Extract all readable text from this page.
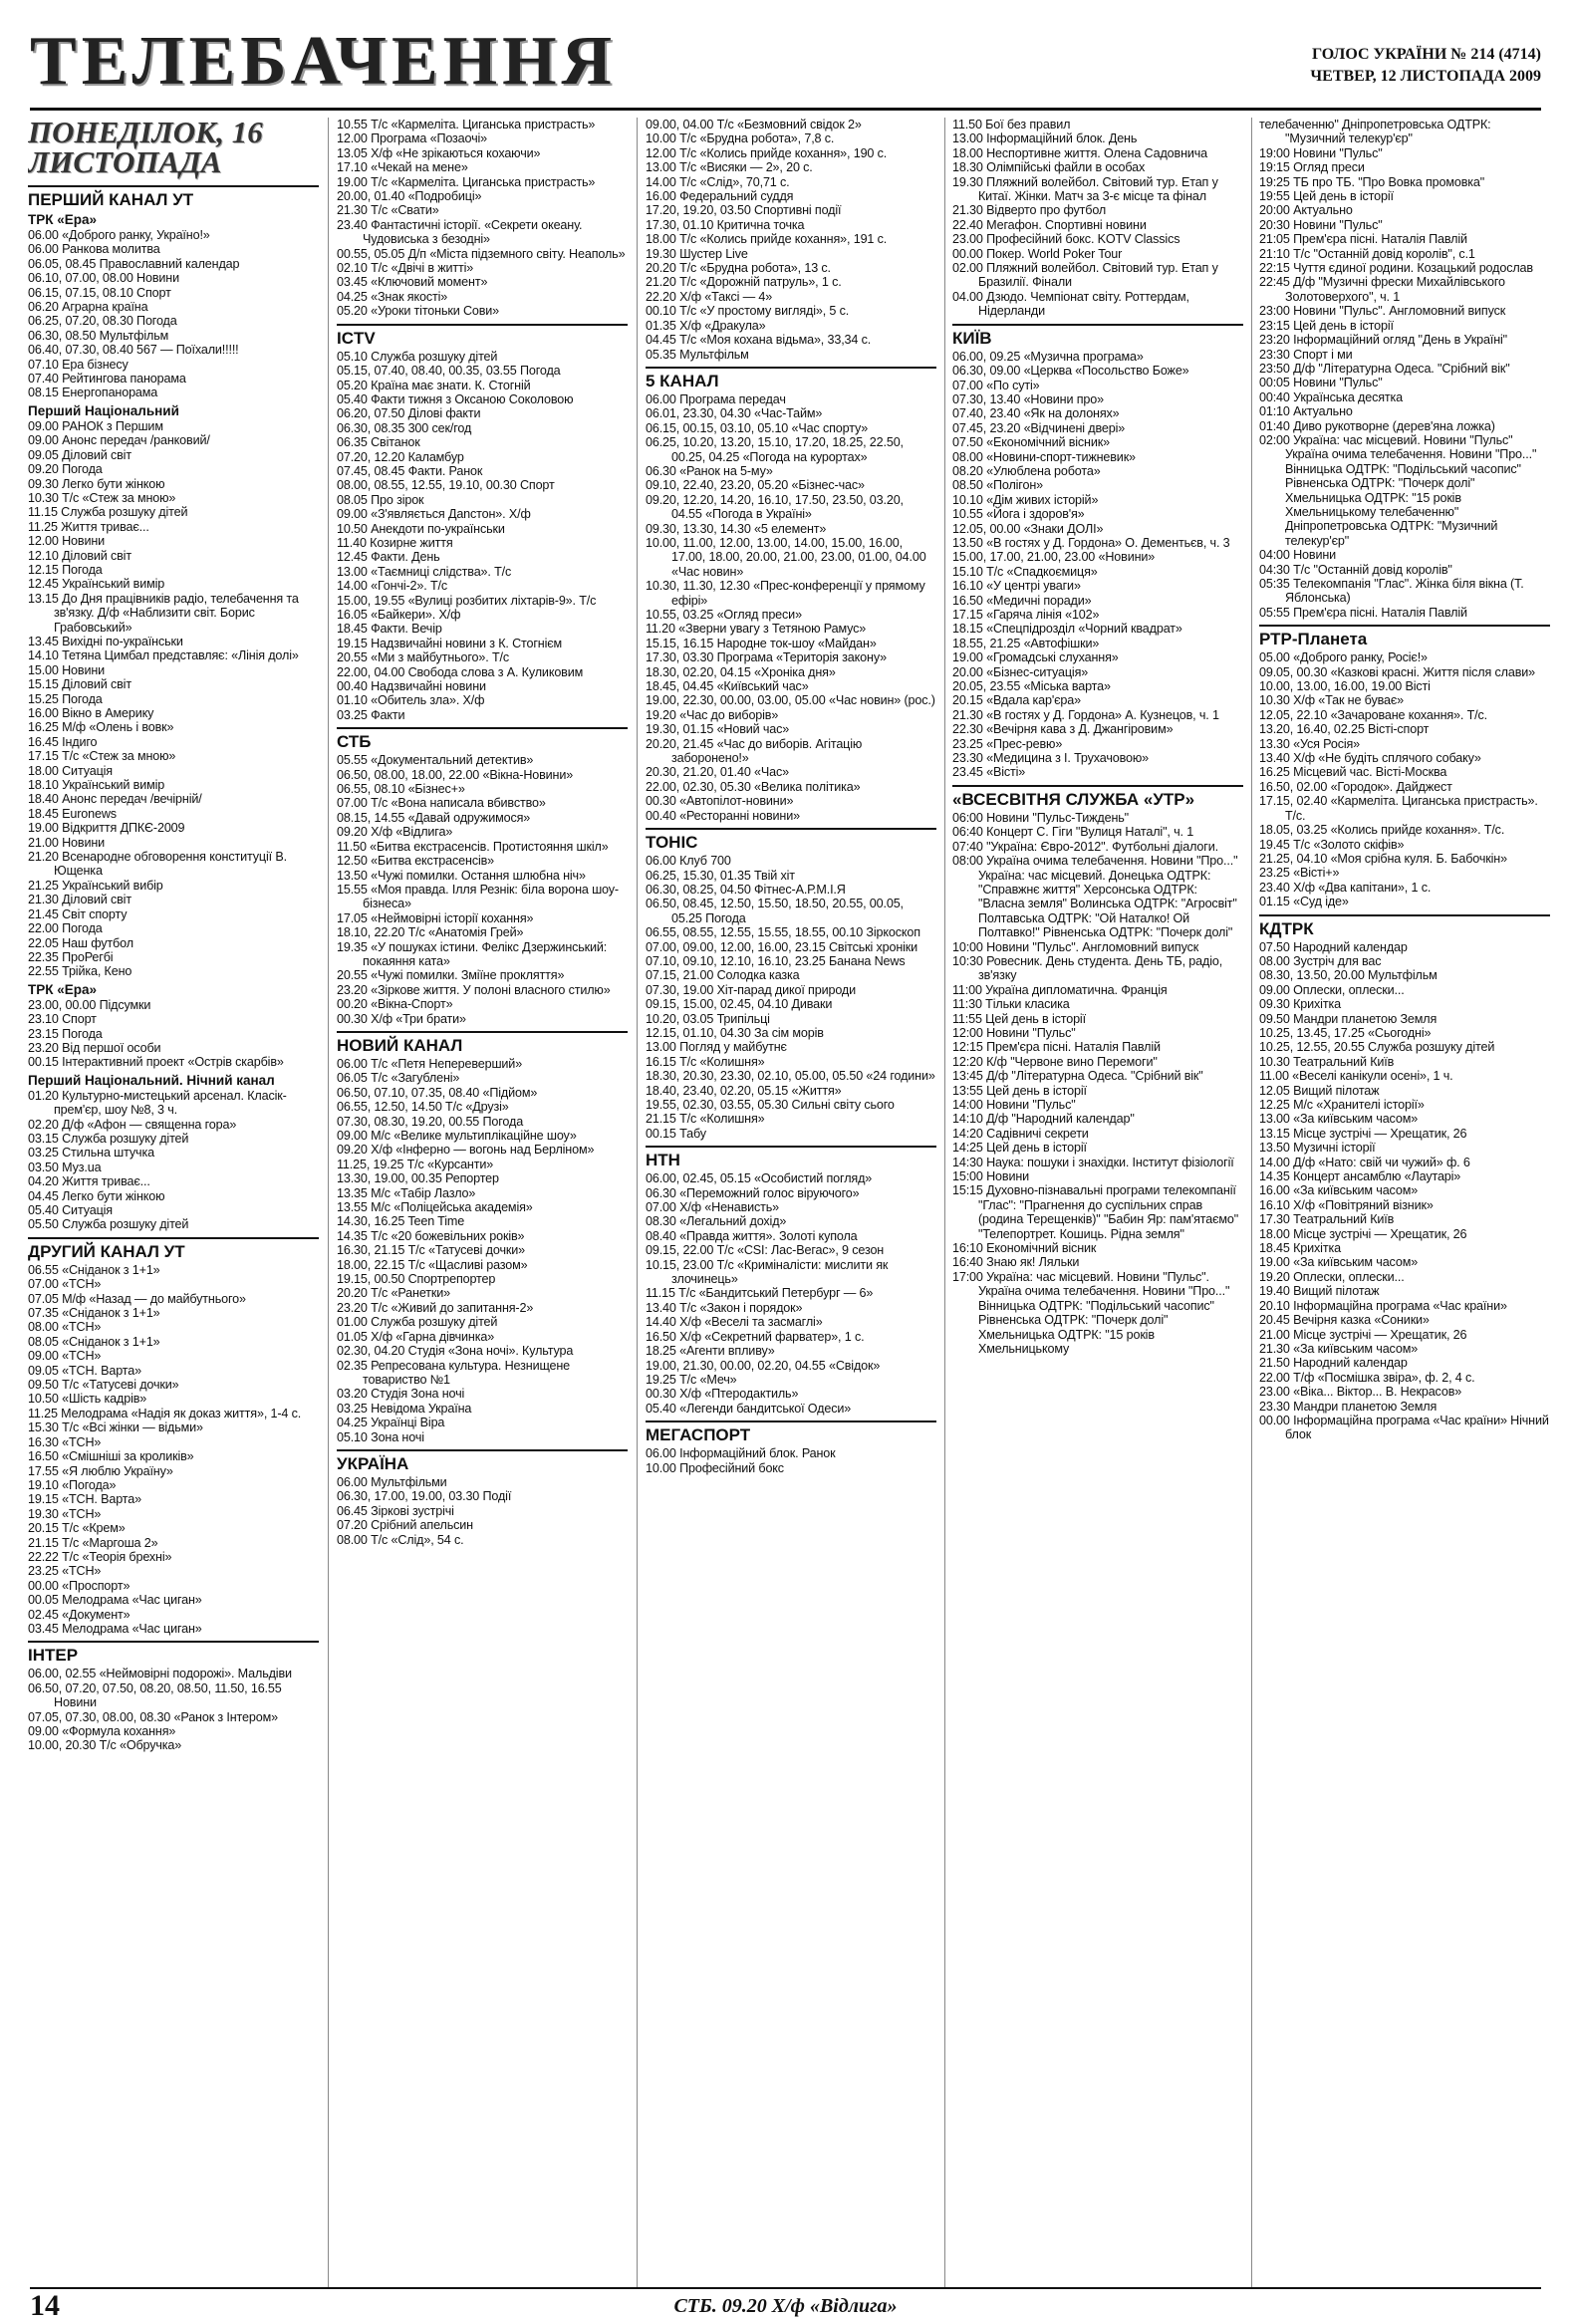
ТЕЛЕБАЧЕННЯ	ГОЛОС УКРАЇНИ № 214 (4714)
ЧЕТВЕР, 12 ЛИСТОПАДА 2009
ПОНЕДІЛОК, 16 ЛИСТОПАДА
ПЕРШИЙ КАНАЛ УТ
ТРК «Ера»
06.00 «Доброго ранку, Україно!»
06.00 Ранкова молитва
06.05, 08.45 Православний календар
06.10, 07.00, 08.00 Новини
06.15, 07.15, 08.10 Спорт
06.20 Аграрна країна
06.25, 07.20, 08.30 Погода
06.30, 08.50 Мультфільм
06.40, 07.30, 08.40 567 — Поїхали!!!!!
07.10 Ера бізнесу
07.40 Рейтингова панорама
08.15 Енергопанорама
Перший Національний
09.00 РАНОК з Першим
09.00 Анонс передач /ранковий/
09.05 Діловий світ
09.20 Погода
09.30 Легко бути жінкою
10.30 Т/с «Стеж за мною»
11.15 Служба розшуку дітей
11.25 Життя триває...
12.00 Новини
12.10 Діловий світ
12.15 Погода
12.45 Український вимір
13.15 До Дня працівників радіо, телебачення та зв'язку. Д/ф «Наблизити світ. Борис Грабовський»
13.45 Вихідні по-українськи
14.10 Тетяна Цимбал представляє: «Лінія долі»
15.00 Новини
15.15 Діловий світ
15.25 Погода
16.00 Вікно в Америку
16.25 М/ф «Олень і вовк»
16.45 Індиго
17.15 Т/с «Стеж за мною»
18.00 Ситуація
18.10 Український вимір
18.40 Анонс передач /вечірній/
18.45 Euronews
19.00 Відкриття ДПКЄ-2009
21.00 Новини
21.20 Всенародне обговорення конституції В. Ющенка
21.25 Український вибір
21.30 Діловий світ
21.45 Світ спорту
22.00 Погода
22.05 Наш футбол
22.35 ПроРегбі
22.55 Трійка, Кено
ТРК «Ера»
23.00, 00.00 Підсумки
23.10 Спорт
23.15 Погода
23.20 Від першої особи
00.15 Інтерактивний проект «Острів скарбів»
Перший Національний. Нічний канал
01.20 Культурно-мистецький арсенал. Класік-прем'єр, шоу №8, 3 ч.
02.20 Д/ф «Афон — священна гора»
03.15 Служба розшуку дітей
03.25 Стильна штучка
03.50 Муз.ua
04.20 Життя триває...
04.45 Легко бути жінкою
05.40 Ситуація
05.50 Служба розшуку дітей
ДРУГИЙ КАНАЛ УТ
06.55 «Сніданок з 1+1»
07.00 «ТСН»
07.05 М/ф «Назад — до майбутнього»
07.35 «Сніданок з 1+1»
08.00 «ТСН»
08.05 «Сніданок з 1+1»
09.00 «ТСН»
09.05 «ТСН. Варта»
09.50 Т/с «Татусеві дочки»
10.50 «Шість кадрів»
11.25 Мелодрама «Надія як доказ життя», 1-4 с.
15.30 Т/с «Всі жінки — відьми»
16.30 «ТСН»
16.50 «Смішніші за кроликів»
17.55 «Я люблю Україну»
19.10 «Погода»
19.15 «ТСН. Варта»
19.30 «ТСН»
20.15 Т/с «Крем»
21.15 Т/с «Маргоша 2»
22.22 Т/с «Теорія брехні»
23.25 «ТСН»
00.00 «Проспорт»
00.05 Мелодрама «Час циган»
02.45 «Документ»
03.45 Мелодрама «Час циган»
ІНТЕР
06.00, 02.55 «Неймовірні подорожі». Мальдіви
06.50, 07.20, 07.50, 08.20, 08.50, 11.50, 16.55 Новини
07.05, 07.30, 08.00, 08.30 «Ранок з Інтером»
09.00 «Формула кохання»
10.00, 20.30 Т/с «Обручка»
10.55 Т/с «Кармеліта. Циганська пристрасть»
12.00 Програма «Позаочі»
13.05 Х/ф «Не зрікаються кохаючи»
17.10 «Чекай на мене»
19.00 Т/с «Кармеліта. Циганська пристрасть»
20.00, 01.40 «Подробиці»
21.30 Т/с «Свати»
23.40 Фантастичні історії. «Секрети океану. Чудовиська з безодні»
00.55, 05.05 Д/п «Міста підземного світу. Неаполь»
02.10 Т/с «Двічі в житті»
03.45 «Ключовий момент»
04.25 «Знак якості»
05.20 «Уроки тітоньки Сови»
ICTV
05.10 Служба розшуку дітей
05.15, 07.40, 08.40, 00.35, 03.55 Погода
05.20 Країна має знати. К. Стогній
05.40 Факти тижня з Оксаною Соколовою
06.20, 07.50 Ділові факти
06.30, 08.35 300 сек/год
06.35 Світанок
07.20, 12.20 Каламбур
07.45, 08.45 Факти. Ранок
08.00, 08.55, 12.55, 19.10, 00.30 Спорт
08.05 Про зірок
09.00 «З'являється Дanстон». Х/ф
10.50 Анекдоти по-українськи
11.40 Козирне життя
12.45 Факти. День
13.00 «Таємниці слідства». Т/с
14.00 «Гончі-2». Т/с
15.00, 19.55 «Вулиці розбитих ліхтарів-9». Т/с
16.05 «Байкери». Х/ф
18.45 Факти. Вечір
19.15 Надзвичайні новини з К. Стогнієм
20.55 «Ми з майбутнього». Т/с
22.00, 04.00 Свобода слова з А. Куликовим
00.40 Надзвичайні новини
01.10 «Обитель зла». Х/ф
03.25 Факти
СТБ
05.55 «Документальний детектив»
06.50, 08.00, 18.00, 22.00 «Вікна-Новини»
06.55, 08.10 «Бізнес+»
07.00 Т/с «Вона написала вбивство»
08.15, 14.55 «Давай одружимося»
09.20 Х/ф «Відлига»
11.50 «Битва екстрасенсів. Протистояння шкіл»
12.50 «Битва екстрасенсів»
13.50 «Чужі помилки. Остання шлюбна ніч»
15.55 «Моя правда. Ілля Резнік: біла ворона шоу-бізнеса»
17.05 «Неймовірні історії кохання»
18.10, 22.20 Т/с «Анатомія Грей»
19.35 «У пошуках істини. Фелікс Дзержинський: покаяння ката»
20.55 «Чужі помилки. Зміїне прокляття»
23.20 «Зіркове життя. У полоні власного стилю»
00.20 «Вікна-Спорт»
00.30 Х/ф «Три брати»
НОВИЙ КАНАЛ
06.00 Т/с «Петя Непереверший»
06.05 Т/с «Загублені»
06.50, 07.10, 07.35, 08.40 «Підйом»
06.55, 12.50, 14.50 Т/с «Друзі»
07.30, 08.30, 19.20, 00.55 Погода
09.00 М/с «Велике мультиплікаційне шоу»
09.20 Х/ф «Інферно — вогонь над Берліном»
11.25, 19.25 Т/с «Курсанти»
13.30, 19.00, 00.35 Репортер
13.35 М/с «Табір Лазло»
13.55 М/с «Поліцейська академія»
14.30, 16.25 Teen Time
14.35 Т/с «20 божевільних років»
16.30, 21.15 Т/с «Татусеві дочки»
18.00, 22.15 Т/с «Щасливі разом»
19.15, 00.50 Спортрепортер
20.20 Т/с «Ранетки»
23.20 Т/с «Живий до запитання-2»
01.00 Служба розшуку дітей
01.05 Х/ф «Гарна дівчинка»
02.30, 04.20 Студія «Зона ночі». Культура
02.35 Репресована культура. Незнищене товариство №1
03.20 Студія Зона ночі
03.25 Невідома Україна
04.25 Українці Віра
05.10 Зона ночі
УКРАЇНА
06.00 Мультфільми
06.30, 17.00, 19.00, 03.30 Події
06.45 Зіркові зустрічі
07.20 Срібний апельсин
08.00 Т/с «Слід», 54 с.
09.00, 04.00 Т/с «Безмовний свідок 2»
10.00 Т/с «Брудна робота», 7,8 с.
12.00 Т/с «Колись прийде кохання», 190 с.
13.00 Т/с «Висяки — 2», 20 с.
14.00 Т/с «Слід», 70,71 с.
16.00 Федеральний суддя
17.20, 19.20, 03.50 Спортивні події
17.30, 01.10 Критична точка
18.00 Т/с «Колись прийде кохання», 191 с.
19.30 Шустер Live
20.20 Т/с «Брудна робота», 13 с.
21.20 Т/с «Дорожній патруль», 1 с.
22.20 Х/ф «Таксі — 4»
00.10 Т/с «У пpостому вигляді», 5 с.
01.35 Х/ф «Дракула»
04.45 Т/с «Моя кохана відьма», 33,34 с.
05.35 Мультфільм
5 КАНАЛ
06.00 Програма передач
06.01, 23.30, 04.30 «Час-Тайм»
06.15, 00.15, 03.10, 05.10 «Час спорту»
06.25, 10.20, 13.20, 15.10, 17.20, 18.25, 22.50, 00.25, 04.25 «Погода на курортах»
06.30 «Ранок на 5-му»
09.10, 22.40, 23.20, 05.20 «Бізнес-час»
09.20, 12.20, 14.20, 16.10, 17.50, 23.50, 03.20, 04.55 «Погода в Україні»
09.30, 13.30, 14.30 «5 елемент»
10.00, 11.00, 12.00, 13.00, 14.00, 15.00, 16.00, 17.00, 18.00, 20.00, 21.00, 23.00, 01.00, 04.00 «Час новин»
10.30, 11.30, 12.30 «Прес-конференції у прямому ефірі»
10.55, 03.25 «Огляд преси»
11.20 «Зверни увагу з Тетяною Рамус»
15.15, 16.15 Народне ток-шоу «Майдан»
17.30, 03.30 Програма «Територія закону»
18.30, 02.20, 04.15 «Хроніка дня»
18.45, 04.45 «Київський час»
19.00, 22.30, 00.00, 03.00, 05.00 «Час новин» (рос.)
19.20 «Час до виборів»
19.30, 01.15 «Новий час»
20.20, 21.45 «Час до виборів. Агітацію заборонено!»
20.30, 21.20, 01.40 «Час»
22.00, 02.30, 05.30 «Велика політика»
00.30 «Автопілот-новини»
00.40 «Ресторанні новини»
ТОНІС
06.00 Клуб 700
06.25, 15.30, 01.35 Твій хіт
06.30, 08.25, 04.50 Фітнес-А.Р.М.І.Я
06.50, 08.45, 12.50, 15.50, 18.50, 20.55, 00.05, 05.25 Погода
06.55, 08.55, 12.55, 15.55, 18.55, 00.10 Зіркоскоп
07.00, 09.00, 12.00, 16.00, 23.15 Світські хроніки
07.10, 09.10, 12.10, 16.10, 23.25 Банана News
07.15, 21.00 Солодка казка
07.30, 19.00 Хіт-парад дикої природи
09.15, 15.00, 02.45, 04.10 Диваки
10.20, 03.05 Трипільці
12.15, 01.10, 04.30 За сім морів
13.00 Погляд у майбутнє
16.15 Т/с «Колишня»
18.30, 20.30, 23.30, 02.10, 05.00, 05.50 «24 години»
18.40, 23.40, 02.20, 05.15 «Життя»
19.55, 02.30, 03.55, 05.30 Сильні світу сього
21.15 Т/с «Колишня»
00.15 Табу
НТН
06.00, 02.45, 05.15 «Особистий погляд»
06.30 «Переможний голос віруючого»
07.00 Х/ф «Ненависть»
08.30 «Легальний дохід»
08.40 «Правда життя». Золоті купола
09.15, 22.00 Т/с «CSI: Лас-Вегас», 9 сезон
10.15, 23.00 Т/с «Криміналісти: мислити як злочинець»
11.15 Т/с «Бандитський Петербург — 6»
13.40 Т/с «Закон і порядок»
14.40 Х/ф «Веселі та засмаглі»
16.50 Х/ф «Секретний фарватер», 1 с.
18.25 «Агенти впливу»
19.00, 21.30, 00.00, 02.20, 04.55 «Свідок»
19.25 Т/с «Меч»
00.30 Х/ф «Птеродактиль»
05.40 «Легенди бандитської Одеси»
МЕГАСПОРТ
06.00 Інформаційний блок. Ранок
10.00 Професійний бокс
11.50 Бої без правил
13.00 Інформаційний блок. День
18.00 Неспортивне життя. Олена Садовнича
18.30 Олімпійські файли в особах
19.30 Пляжний волейбол. Світовий тур. Етап у Китаї. Жінки. Матч за 3-є місце та фінал
21.30 Відверто про футбол
22.40 Мегафон. Спортивні новини
23.00 Професійний бокс. KOTV Classics
00.00 Покер. World Poker Tour
02.00 Пляжний волейбол. Світовий тур. Етап у Бразилії. Фінали
04.00 Дзюдо. Чемпіонат світу. Роттердам, Нідерланди
КИЇВ
06.00, 09.25 «Музична програма»
06.30, 09.00 «Церква «Посольство Боже»
07.00 «По суті»
07.30, 13.40 «Новини про»
07.40, 23.40 «Як на долонях»
07.45, 23.20 «Відчинені двері»
07.50 «Економічний вісник»
08.00 «Новини-спорт-тижневик»
08.20 «Улюблена робота»
08.50 «Полігон»
10.10 «Дім живих історій»
10.55 «Йога і здоров'я»
12.05, 00.00 «Знаки ДОЛІ»
13.50 «В гостях у Д. Гордона» О. Дементьєв, ч. 3
15.00, 17.00, 21.00, 23.00 «Новини»
15.10 Т/с «Спадкоємиця»
16.10 «У центрі уваги»
16.50 «Медичні поради»
17.15 «Гаряча лінія «102»
18.15 «Спецпідрозділ «Чорний квадрат»
18.55, 21.25 «Автофішки»
19.00 «Громадські слухання»
20.00 «Бізнес-ситуація»
20.05, 23.55 «Міська варта»
20.15 «Вдала кар'єра»
21.30 «В гостях у Д. Гордона» А. Кузнецов, ч. 1
22.30 «Вечірня кава з Д. Джангіровим»
23.25 «Прес-ревю»
23.30 «Медицина з І. Трухачовою»
23.45 «Вісті»
«ВСЕСВІТНЯ СЛУЖБА «УТР»
06:00 Новини "Пульс-Тиждень"
06:40 Концерт С. Гіги "Вулиця Наталі", ч. 1
07:40 "Україна: Євро-2012". Футбольні діалоги.
08:00 Україна очима телебачення. Новини "Про..." Україна: час місцевий. Донецька ОДТРК: "Справжнє життя" Херсонська ОДТРК: "Власна земля" Волинська ОДТРК: "Агросвіт" Полтавська ОДТРК: "Ой Наталко! Ой Полтавко!" Рівненська ОДТРК: "Почерк долі"
10:00 Новини "Пульс". Англомовний випуск
10:30 Ровесник. День студента. День ТБ, радіо, зв'язку
11:00 Україна дипломатична. Франція
11:30 Тільки класика
11:55 Цей день в історії
12:00 Новини "Пульс"
12:15 Прем'єра пісні. Наталія Павлій
12:20 К/ф "Червоне вино Перемоги"
13:45 Д/ф "Літературна Одеса. "Срібний вік"
13:55 Цей день в історії
14:00 Новини "Пульс"
14:10 Д/ф "Народний календар"
14:20 Садівничі секрети
14:25 Цей день в історії
14:30 Наука: пошуки і знахідки. Інститут фізіології
15:00 Новини
15:15 Духовно-пізнавальні програми телекомпанії "Глас": "Прагнення до суспільних справ (родина Терещенків)" "Бабин Яр: пам'ятаємо" "Телепортрет. Кошиць. Рідна земля"
16:10 Економічний вісник
16:40 Знаю як! Ляльки
17:00 Україна: час місцевий. Новини "Пульс". Україна очима телебачення. Новини "Про..." Вінницька ОДТРК: "Подільський часопис" Рівненська ОДТРК: "Почерк долі" Хмельницька ОДТРК: "15 років Хмельницькому
телебаченню" Дніпропетровська ОДТРК: "Музичний телекур'єр"
19:00 Новини "Пульс"
19:15 Огляд преси
19:25 ТБ про ТБ. "Про Вовка промовка"
19:55 Цей день в історії
20:00 Актуально
20:30 Новини "Пульс"
21:05 Прем'єра пісні. Наталія Павлій
21:10 Т/с "Останній довід королів", с.1
22:15 Чуття єдиної родини. Козацький родослав
22:45 Д/ф "Музичні фрески Михайлівського Золотоверхого", ч. 1
23:00 Новини "Пульс". Англомовний випуск
23:15 Цей день в історії
23:20 Інформаційний огляд "День в Україні"
23:30 Спорт і ми
23:50 Д/ф "Літературна Одеса. "Срібний вік"
00:05 Новини "Пульс"
00:40 Українська десятка
01:10 Актуально
01:40 Диво рукотворне (дерев'яна ложка)
02:00 Україна: час місцевий. Новини "Пульс" Україна очима телебачення. Новини "Про..." Вінницька ОДТРК: "Подільський часопис" Рівненська ОДТРК: "Почерк долі" Хмельницька ОДТРК: "15 років Хмельницькому телебаченню" Дніпропетровська ОДТРК: "Музичний телекур'єр"
04:00 Новини
04:30 Т/с "Останній довід королів"
05:35 Телекомпанія "Глас". Жінка біля вікна (Т. Яблонська)
05:55 Прем'єра пісні. Наталія Павлій
РТР-Планета
05.00 «Доброго ранку, Росіє!»
09.05, 00.30 «Казкові красні. Життя після слави»
10.00, 13.00, 16.00, 19.00 Вісті
10.30 Х/ф «Так не буває»
12.05, 22.10 «Зачароване кохання». Т/с.
13.20, 16.40, 02.25 Вісті-спорт
13.30 «Уся Росія»
13.40 Х/ф «Не будіть сплячого собаку»
16.25 Місцевий час. Вісті-Москва
16.50, 02.00 «Городок». Дайджест
17.15, 02.40 «Кармеліта. Циганська пристрасть». Т/с.
18.05, 03.25 «Колись прийде кохання». Т/с.
19.45 Т/с «Золото скіфів»
21.25, 04.10 «Моя срібна куля. Б. Бабочкін»
23.25 «Вісті+»
23.40 Х/ф «Два капітани», 1 с.
01.15 «Суд іде»
КДТРК
07.50 Народний календар
08.00 Зустріч для вас
08.30, 13.50, 20.00 Мультфільм
09.00 Оплески, оплески...
09.30 Крихітка
09.50 Мандри планетою Земля
10.25, 13.45, 17.25 «Сьогодні»
10.25, 12.55, 20.55 Служба розшуку дітей
10.30 Театральний Київ
11.00 «Веселі канікули осені», 1 ч.
12.05 Вищий пілотаж
12.25 М/с «Хранителі історії»
13.00 «За київським часом»
13.15 Місце зустрічі — Хрещатик, 26
13.50 Музичні історії
14.00 Д/ф «Нато: свій чи чужий» ф. 6
14.35 Концерт ансамблю «Лаутарі»
16.00 «За київським часом»
16.10 Х/ф «Повітряний візник»
17.30 Театральний Київ
18.00 Місце зустрічі — Хрещатик, 26
18.45 Крихітка
19.00 «За київським часом»
19.20 Оплески, оплески...
19.40 Вищий пілотаж
20.10 Інформаційна програма «Час країни»
20.45 Вечірня казка «Соники»
21.00 Місце зустрічі — Хрещатик, 26
21.30 «За київським часом»
21.50 Народний календар
22.00 Т/ф «Посмішка звіра», ф. 2, 4 с.
23.00 «Віка... Віктор... В. Некрасов»
23.30 Мандри планетою Земля
00.00 Інформаційна програма «Час країни» Нічний блок
14	СТБ. 09.20 Х/ф «Відлига»
